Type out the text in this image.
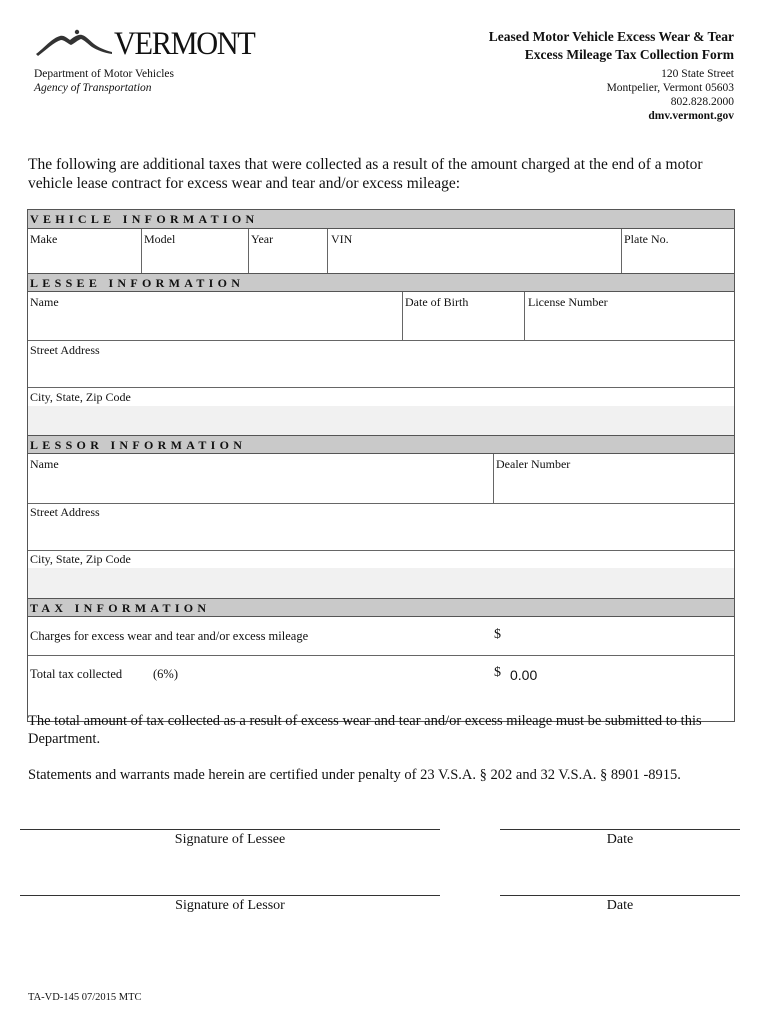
VERMONT	Leased Motor Vehicle Excess Wear & Tear
Excess Mileage Tax Collection Form
Department of Motor Vehicles
Agency of Transportation
120 State Street
Montpelier, Vermont 05603
802.828.2000
dmv.vermont.gov
The following are additional taxes that were collected as a result of the amount charged at the end of a motor vehicle lease contract for excess wear and tear and/or excess mileage:
VEHICLE INFORMATION
Make	Model	Year	VIN	Plate No.
LESSEE INFORMATION
Name	Date of Birth	License Number
Street Address
City, State, Zip Code
LESSOR INFORMATION
Name	Dealer Number
Street Address
City, State, Zip Code
TAX INFORMATION
Charges for excess wear and tear and/or excess mileage	$
Total tax collected (6%)	$ 0.00
The total amount of tax collected as a result of excess wear and tear and/or excess mileage must be submitted to this Department.
Statements and warrants made herein are certified under penalty of 23 V.S.A. § 202 and 32 V.S.A. § 8901 -8915.
Signature of Lessee	Date
Signature of Lessor	Date
TA-VD-145 07/2015 MTC
